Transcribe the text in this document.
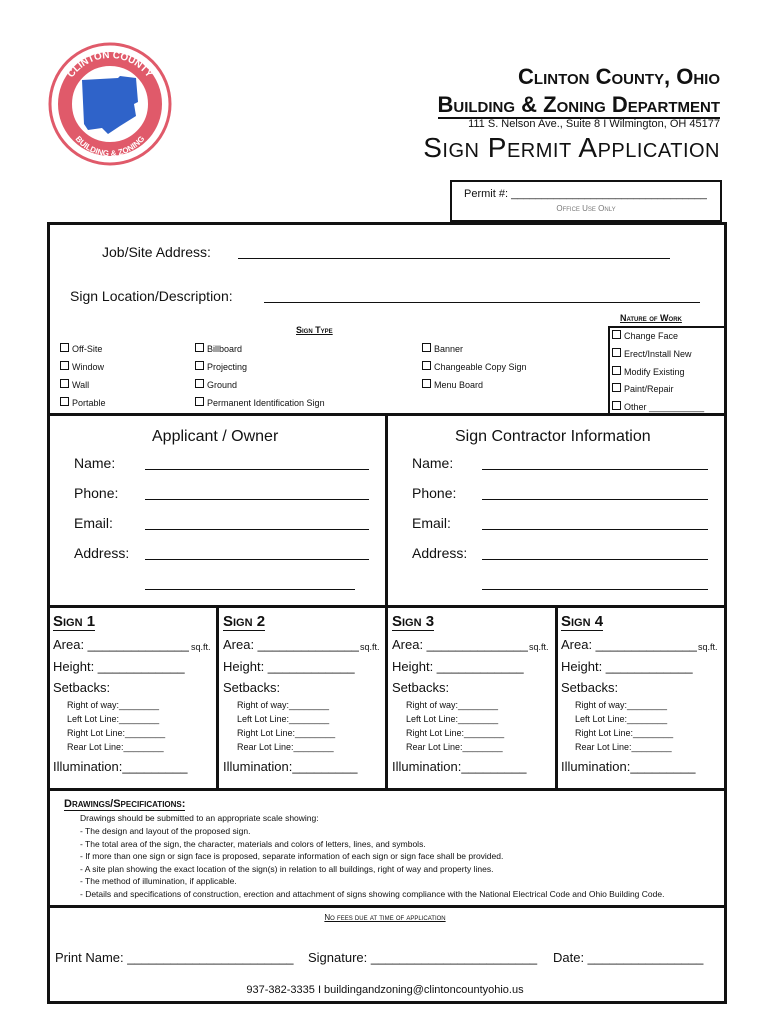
CLINTON COUNTY
BUILDING & ZONING
Clinton County, Ohio
Building & Zoning Department
111 S. Nelson Ave., Suite 8 I Wilmington, OH 45177
Sign Permit Application
Permit #: ________________________________
Office Use Only
Job/Site Address:
Sign Location/Description:
Sign Type
Off-Site
Window
Wall
Portable
Billboard
Projecting
Ground
Permanent Identification Sign
Banner
Changeable Copy Sign
Menu Board
Nature of Work
Change Face
Erect/Install New
Modify Existing
Paint/Repair
Other ___________
Applicant / Owner
Name:
Phone:
Email:
Address:
Sign Contractor Information
Name:
Phone:
Email:
Address:
Sign 1
Area: ______________ sq.ft.
Height: ____________
Setbacks:
Right of way:________
Left Lot Line:________
Right Lot Line:________
Rear Lot Line:________
Illumination:_________
Sign 2
Area: ______________ sq.ft.
Height: ____________
Setbacks:
Right of way:________
Left Lot Line:________
Right Lot Line:________
Rear Lot Line:________
Illumination:_________
Sign 3
Area: ______________ sq.ft.
Height: ____________
Setbacks:
Right of way:________
Left Lot Line:________
Right Lot Line:________
Rear Lot Line:________
Illumination:_________
Sign 4
Area: ______________ sq.ft.
Height: ____________
Setbacks:
Right of way:________
Left Lot Line:________
Right Lot Line:________
Rear Lot Line:________
Illumination:_________
Drawings/Specifications:
Drawings should be submitted to an appropriate scale showing:
- The design and layout of the proposed sign.
- The total area of the sign, the character, materials and colors of letters, lines, and symbols.
- If more than one sign or sign face is proposed, separate information of each sign or sign face shall be provided.
- A site plan showing the exact location of the sign(s) in relation to all buildings, right of way and property lines.
- The method of illumination, if applicable.
- Details and specifications of construction, erection and attachment of signs showing compliance with the National Electrical Code and Ohio Building Code.
No fees due at time of application
Print Name: _______________________ Signature: _______________________ Date: ________________
937-382-3335 I buildingandzoning@clintoncountyohio.us
